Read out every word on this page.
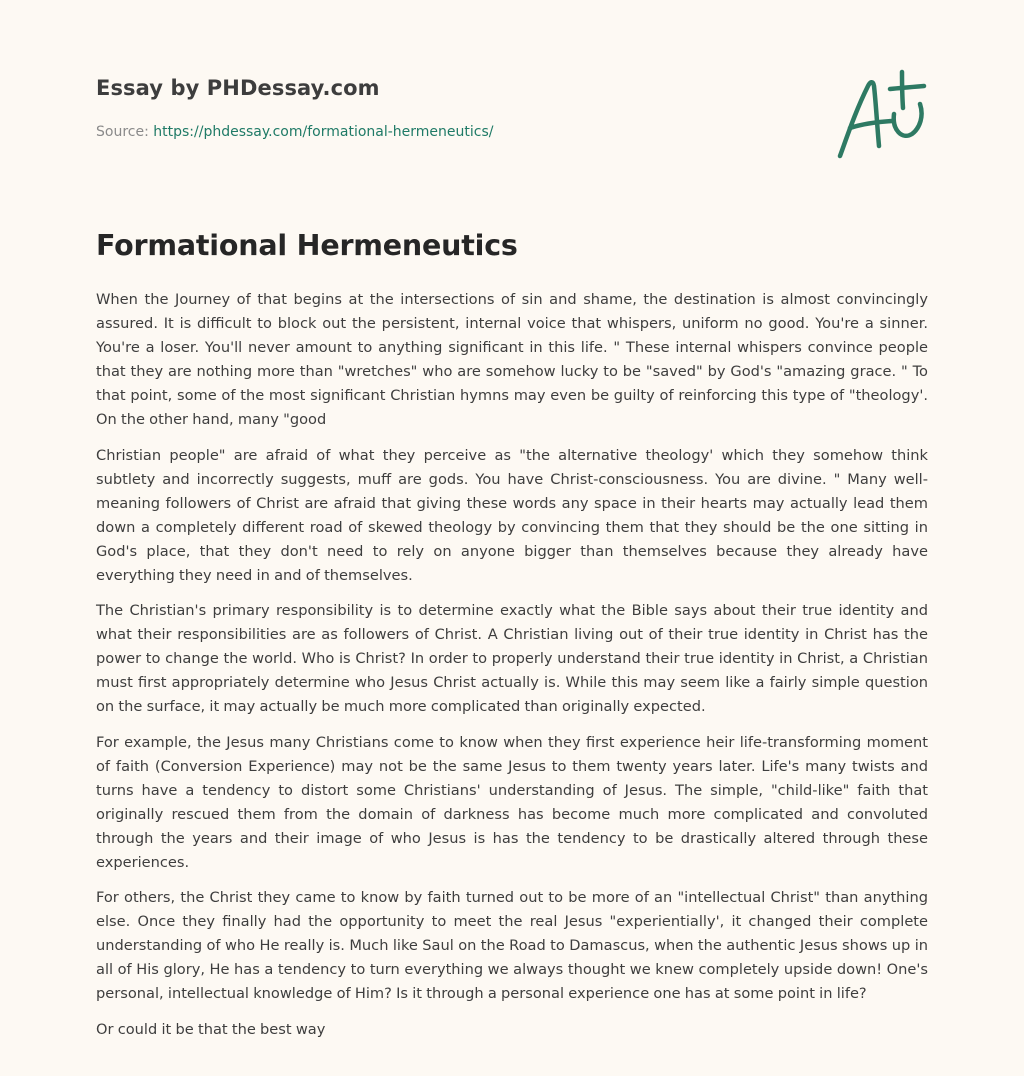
Essay by PHDessay.com
Source: https://phdessay.com/formational-hermeneutics/
Formational Hermeneutics

When the Journey of that begins at the intersections of sin and shame, the destination is almost convincingly assured. It is difficult to block out the persistent, internal voice that whispers, uniform no good. You're a sinner. You're a loser. You'll never amount to anything significant in this life. " These internal whispers convince people that they are nothing more than "wretches" who are somehow lucky to be "saved" by God's "amazing grace. " To that point, some of the most significant Christian hymns may even be guilty of reinforcing this type of "theology'. On the other hand, many "good

Christian people" are afraid of what they perceive as "the alternative theology' which they somehow think subtlety and incorrectly suggests, muff are gods. You have Christ-consciousness. You are divine. " Many well-meaning followers of Christ are afraid that giving these words any space in their hearts may actually lead them down a completely different road of skewed theology by convincing them that they should be the one sitting in God's place, that they don't need to rely on anyone bigger than themselves because they already have everything they need in and of themselves.

The Christian's primary responsibility is to determine exactly what the Bible says about their true identity and what their responsibilities are as followers of Christ. A Christian living out of their true identity in Christ has the power to change the world. Who is Christ? In order to properly understand their true identity in Christ, a Christian must first appropriately determine who Jesus Christ actually is. While this may seem like a fairly simple question on the surface, it may actually be much more complicated than originally expected.

For example, the Jesus many Christians come to know when they first experience heir life-transforming moment of faith (Conversion Experience) may not be the same Jesus to them twenty years later. Life's many twists and turns have a tendency to distort some Christians' understanding of Jesus. The simple, "child-like" faith that originally rescued them from the domain of darkness has become much more complicated and convoluted through the years and their image of who Jesus is has the tendency to be drastically altered through these experiences.

For others, the Christ they came to know by faith turned out to be more of an "intellectual Christ" than anything else. Once they finally had the opportunity to meet the real Jesus "experientially', it changed their complete understanding of who He really is. Much like Saul on the Road to Damascus, when the authentic Jesus shows up in all of His glory, He has a tendency to turn everything we always thought we knew completely upside down! One's personal, intellectual knowledge of Him? Is it through a personal experience one has at some point in life?

Or could it be that the best way
